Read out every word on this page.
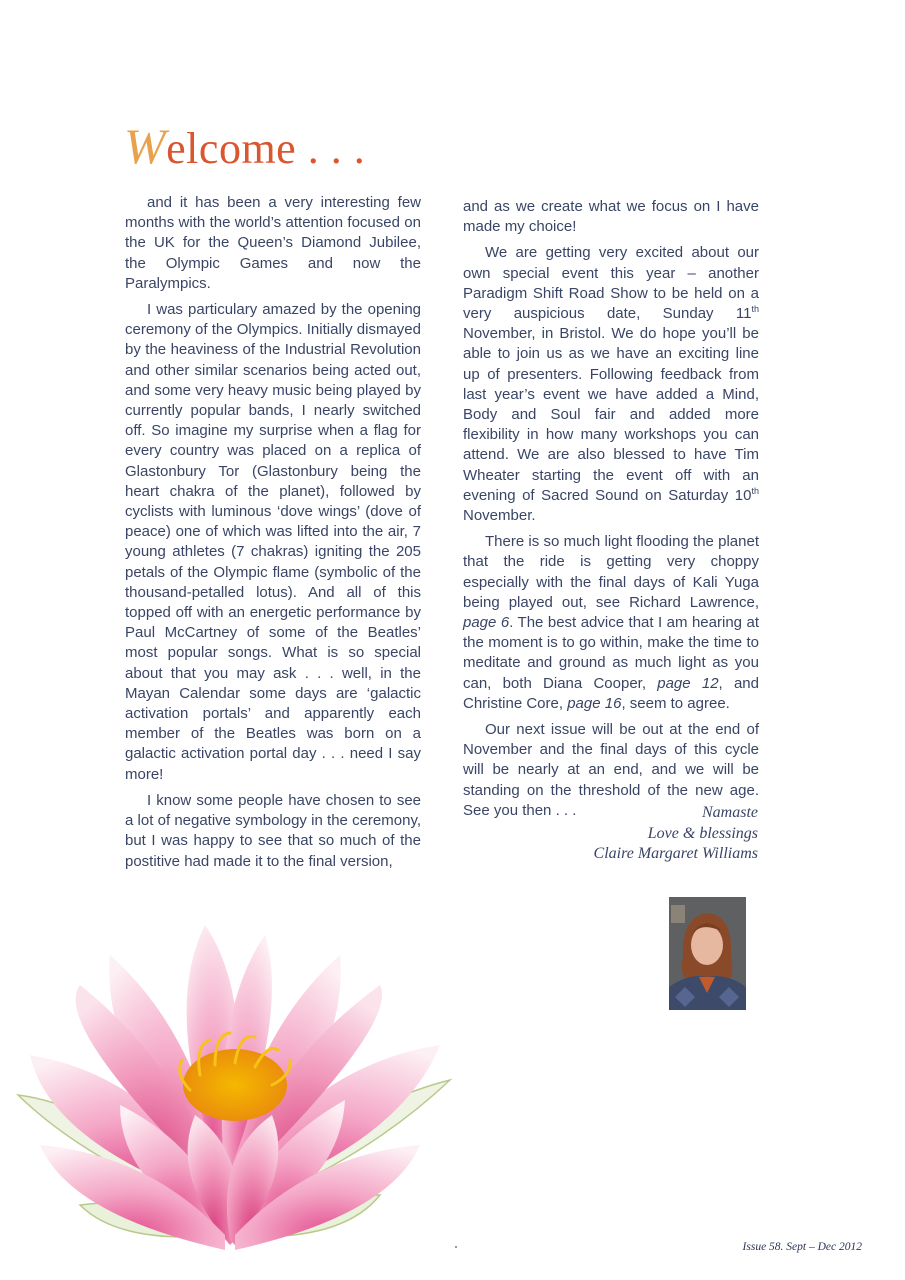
Welcome . . .

and it has been a very interesting few months with the world’s attention focused on the UK for the Queen’s Diamond Jubilee, the Olympic Games and now the Paralympics.

I was particulary amazed by the opening ceremony of the Olympics. Initially dismayed by the heaviness of the Industrial Revolution and other similar scenarios being acted out, and some very heavy music being played by currently popular bands, I nearly switched off. So imagine my surprise when a flag for every country was placed on a replica of Glastonbury Tor (Glastonbury being the heart chakra of the planet), followed by cyclists with luminous ‘dove wings’ (dove of peace) one of which was lifted into the air, 7 young athletes (7 chakras) igniting the 205 petals of the Olympic flame (symbolic of the thousand-petalled lotus). And all of this topped off with an energetic performance by Paul McCartney of some of the Beatles’ most popular songs. What is so special about that you may ask . . . well, in the Mayan Calendar some days are ‘galactic activation portals’ and apparently each member of the Beatles was born on a galactic activation portal day . . . need I say more!

I know some people have chosen to see a lot of negative symbology in the ceremony, but I was happy to see that so much of the postitive had made it to the final version,

and as we create what we focus on I have made my choice!

We are getting very excited about our own special event this year – another Paradigm Shift Road Show to be held on a very auspicious date, Sunday 11th November, in Bristol. We do hope you’ll be able to join us as we have an exciting line up of presenters. Following feedback from last year’s event we have added a Mind, Body and Soul fair and added more flexibility in how many workshops you can attend. We are also blessed to have Tim Wheater starting the event off with an evening of Sacred Sound on Saturday 10th November.

There is so much light flooding the planet that the ride is getting very choppy especially with the final days of Kali Yuga being played out, see Richard Lawrence, page 6. The best advice that I am hearing at the moment is to go within, make the time to meditate and ground as much light as you can, both Diana Cooper, page 12, and Christine Core, page 16, seem to agree.

Our next issue will be out at the end of November and the final days of this cycle will be nearly at an end, and we will be standing on the threshold of the new age. See you then . . .	Namaste
Love & blessings
Claire Margaret Williams
Issue 58. Sept – Dec 2012
